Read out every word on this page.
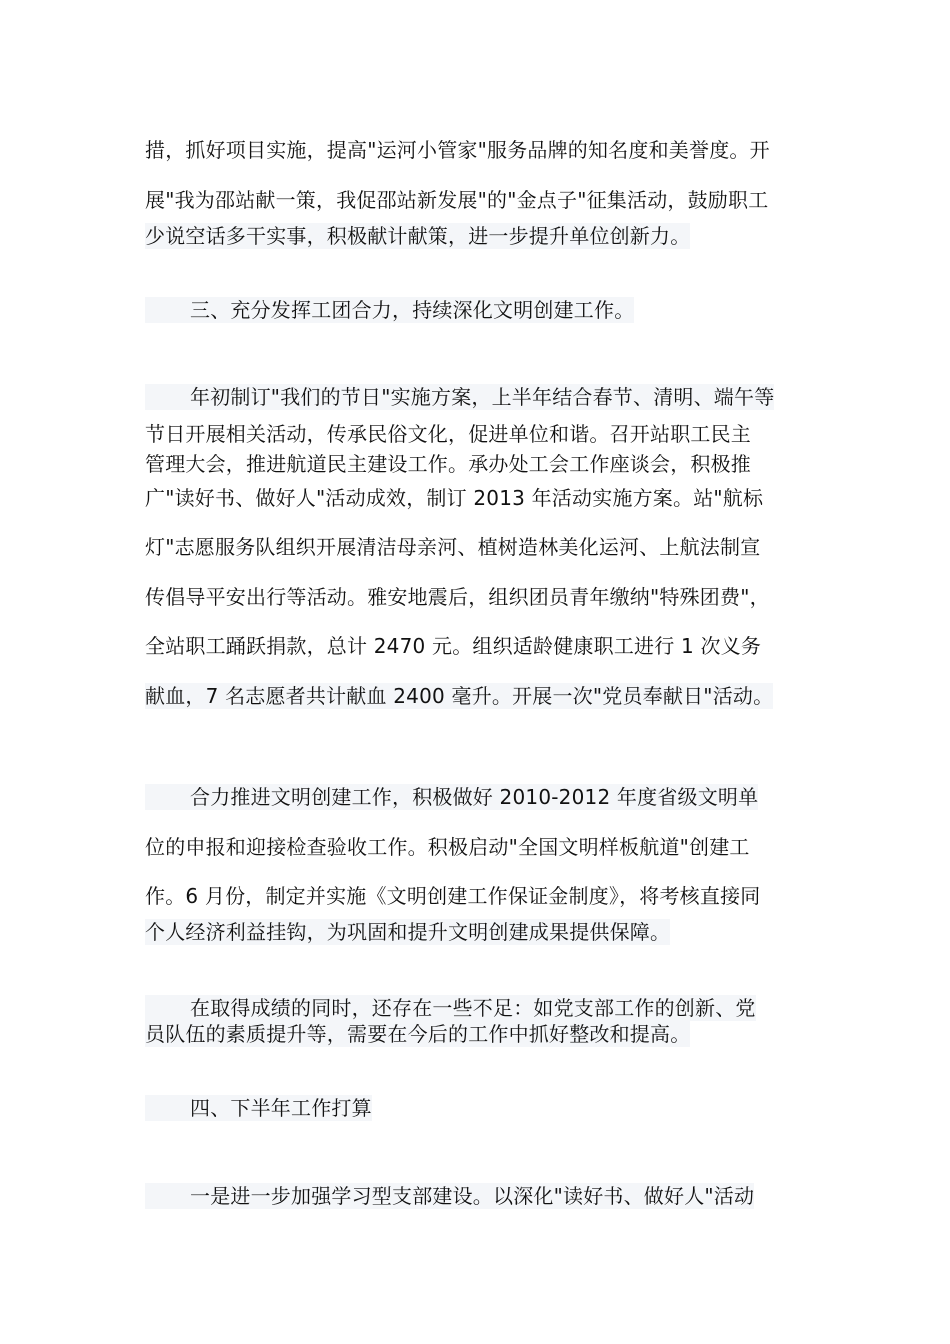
措，抓好项目实施，提高"运河小管家"服务品牌的知名度和美誉度。开
展"我为邵站献一策，我促邵站新发展"的"金点子"征集活动，鼓励职工
少说空话多干实事，积极献计献策，进一步提升单位创新力。
三、充分发挥工团合力，持续深化文明创建工作。
年初制订"我们的节日"实施方案，上半年结合春节、清明、端午等
节日开展相关活动，传承民俗文化，促进单位和谐。召开站职工民主
管理大会，推进航道民主建设工作。承办处工会工作座谈会，积极推
广"读好书、做好人"活动成效，制订 2013 年活动实施方案。站"航标
灯"志愿服务队组织开展清洁母亲河、植树造林美化运河、上航法制宣
传倡导平安出行等活动。雅安地震后，组织团员青年缴纳"特殊团费"，
全站职工踊跃捐款，总计 2470 元。组织适龄健康职工进行 1 次义务
献血，7 名志愿者共计献血 2400 毫升。开展一次"党员奉献日"活动。
合力推进文明创建工作，积极做好 2010-2012 年度省级文明单
位的申报和迎接检查验收工作。积极启动"全国文明样板航道"创建工
作。6 月份，制定并实施《文明创建工作保证金制度》，将考核直接同
个人经济利益挂钩，为巩固和提升文明创建成果提供保障。
在取得成绩的同时，还存在一些不足：如党支部工作的创新、党
员队伍的素质提升等，需要在今后的工作中抓好整改和提高。
四、下半年工作打算
一是进一步加强学习型支部建设。以深化"读好书、做好人"活动
